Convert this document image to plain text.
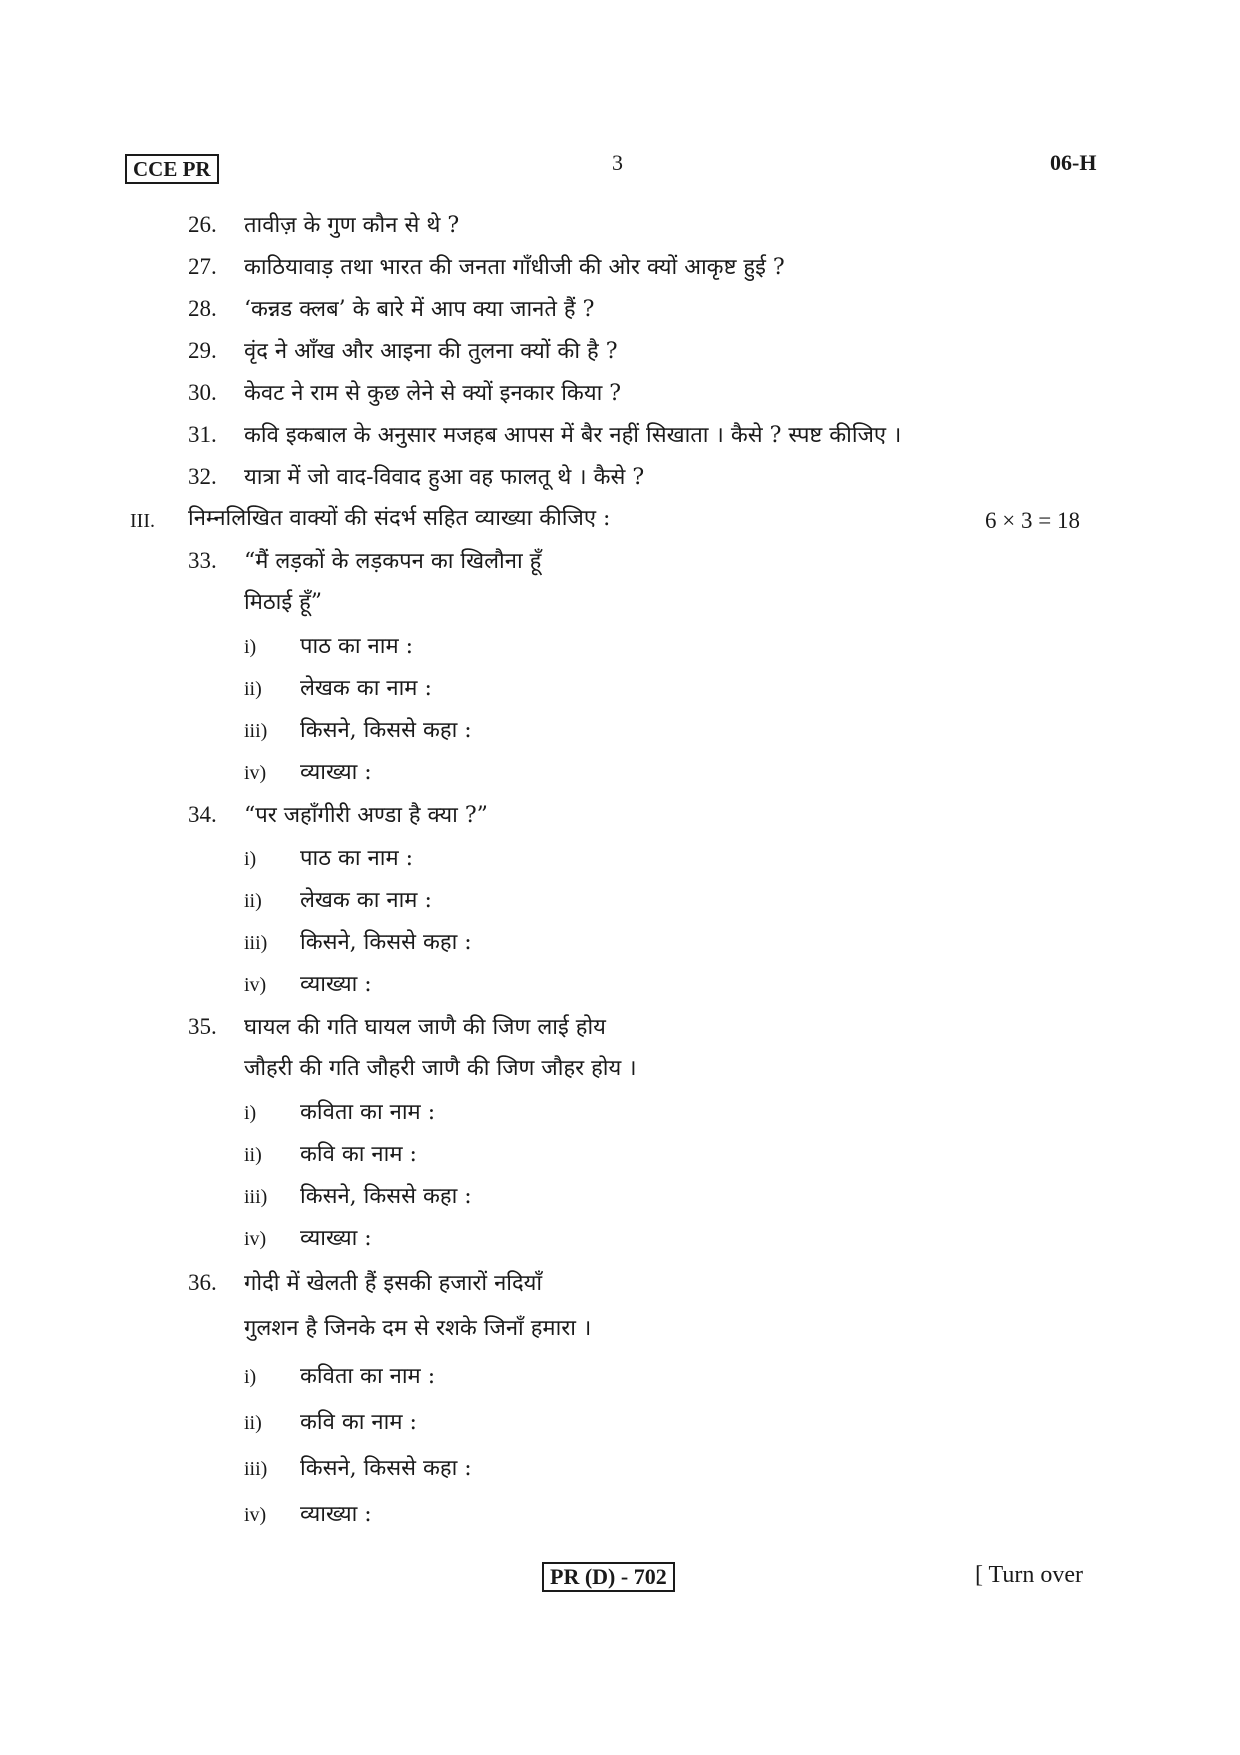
CCE PR	3	06-H
26. तावीज़ के गुण कौन से थे ?
27. काठियावाड़ तथा भारत की जनता गाँधीजी की ओर क्यों आकृष्ट हुई ?
28. ‘कन्नड क्लब’ के बारे में आप क्या जानते हैं ?
29. वृंद ने आँख और आइना की तुलना क्यों की है ?
30. केवट ने राम से कुछ लेने से क्यों इनकार किया ?
31. कवि इकबाल के अनुसार मजहब आपस में बैर नहीं सिखाता । कैसे ? स्पष्ट कीजिए ।
32. यात्रा में जो वाद-विवाद हुआ वह फालतू थे । कैसे ?
III. निम्नलिखित वाक्यों की संदर्भ सहित व्याख्या कीजिए :	6 × 3 = 18
33. “मैं लड़कों के लड़कपन का खिलौना हूँ
मिठाई हूँ”
i) पाठ का नाम :
ii) लेखक का नाम :
iii) किसने, किससे कहा :
iv) व्याख्या :
34. “पर जहाँगीरी अण्डा है क्या ?”
i) पाठ का नाम :
ii) लेखक का नाम :
iii) किसने, किससे कहा :
iv) व्याख्या :
35. घायल की गति घायल जाणै की जिण लाई होय
जौहरी की गति जौहरी जाणै की जिण जौहर होय ।
i) कविता का नाम :
ii) कवि का नाम :
iii) किसने, किससे कहा :
iv) व्याख्या :
36. गोदी में खेलती हैं इसकी हजारों नदियाँ
गुलशन है जिनके दम से रशके जिनाँ हमारा ।
i) कविता का नाम :
ii) कवि का नाम :
iii) किसने, किससे कहा :
iv) व्याख्या :
PR (D) - 702	[ Turn over
